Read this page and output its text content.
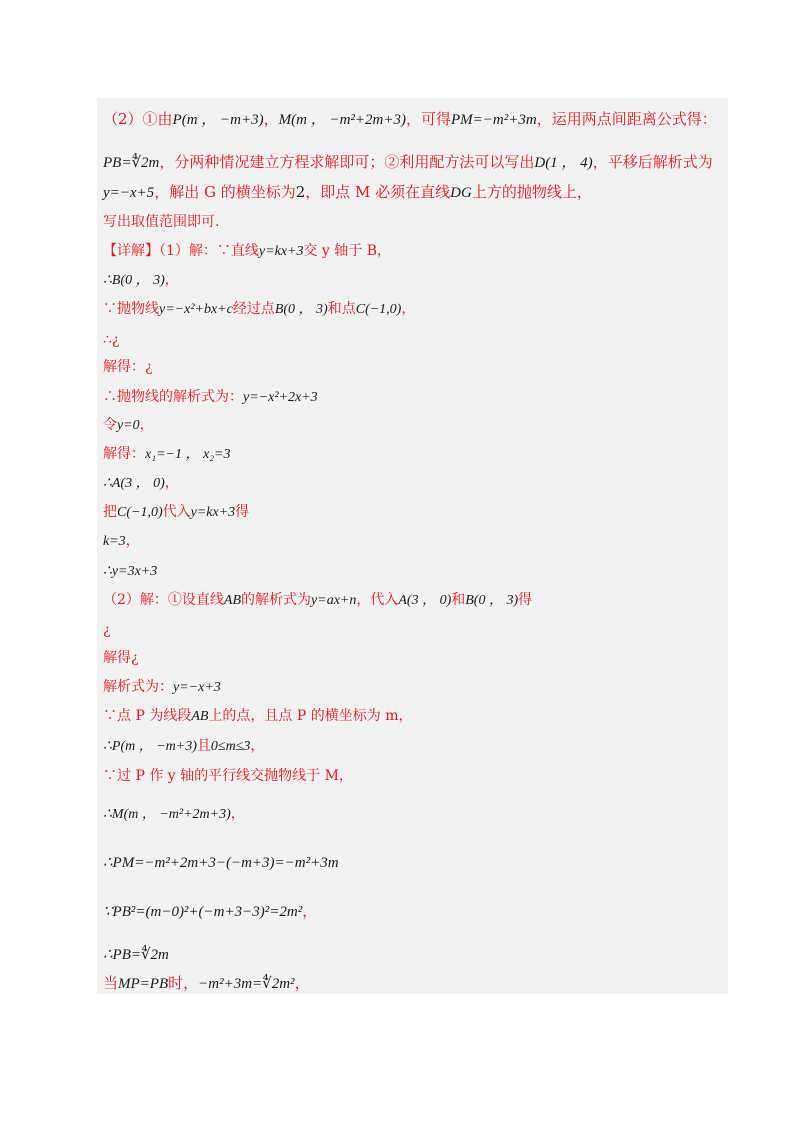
（2）①由P(m ， −m+3)，M(m ， −m²+2m+3)，可得PM=−m²+3m，运用两点间距离公式得：
PB=∜2m，分两种情况建立方程求解即可；②利用配方法可以写出D(1 ， 4)，平移后解析式为
y=−x+5，解出 G 的横坐标为2，即点 M 必须在直线DG上方的抛物线上，
写出取值范围即可.
【详解】（1）解：∵直线y=kx+3交 y 轴于 B，
∴B(0 ， 3)，
∵抛物线y=−x²+bx+c经过点B(0 ， 3)和点C(−1,0)，
∴¿
解得：¿
∴抛物线的解析式为：y=−x²+2x+3
令y=0，
解得：x₁=−1 ， x₂=3
∴A(3 ， 0)，
把C(−1,0)代入y=kx+3得
k=3，
∴y=3x+3
（2）解：①设直线AB的解析式为y=ax+n，代入A(3 ， 0)和B(0 ， 3)得
¿
解得¿
解析式为：y=−x+3
∵点 P 为线段AB上的点，且点 P 的横坐标为 m，
∴P(m ， −m+3)且0≤m≤3，
∵过 P 作 y 轴的平行线交抛物线于 M，
∴M(m ， −m²+2m+3)，
∴PM=−m²+2m+3−(−m+3)=−m²+3m
∵PB²=(m−0)²+(−m+3−3)²=2m²，
∴PB=∜2m
当MP=PB时，−m²+3m=∜2m²，
